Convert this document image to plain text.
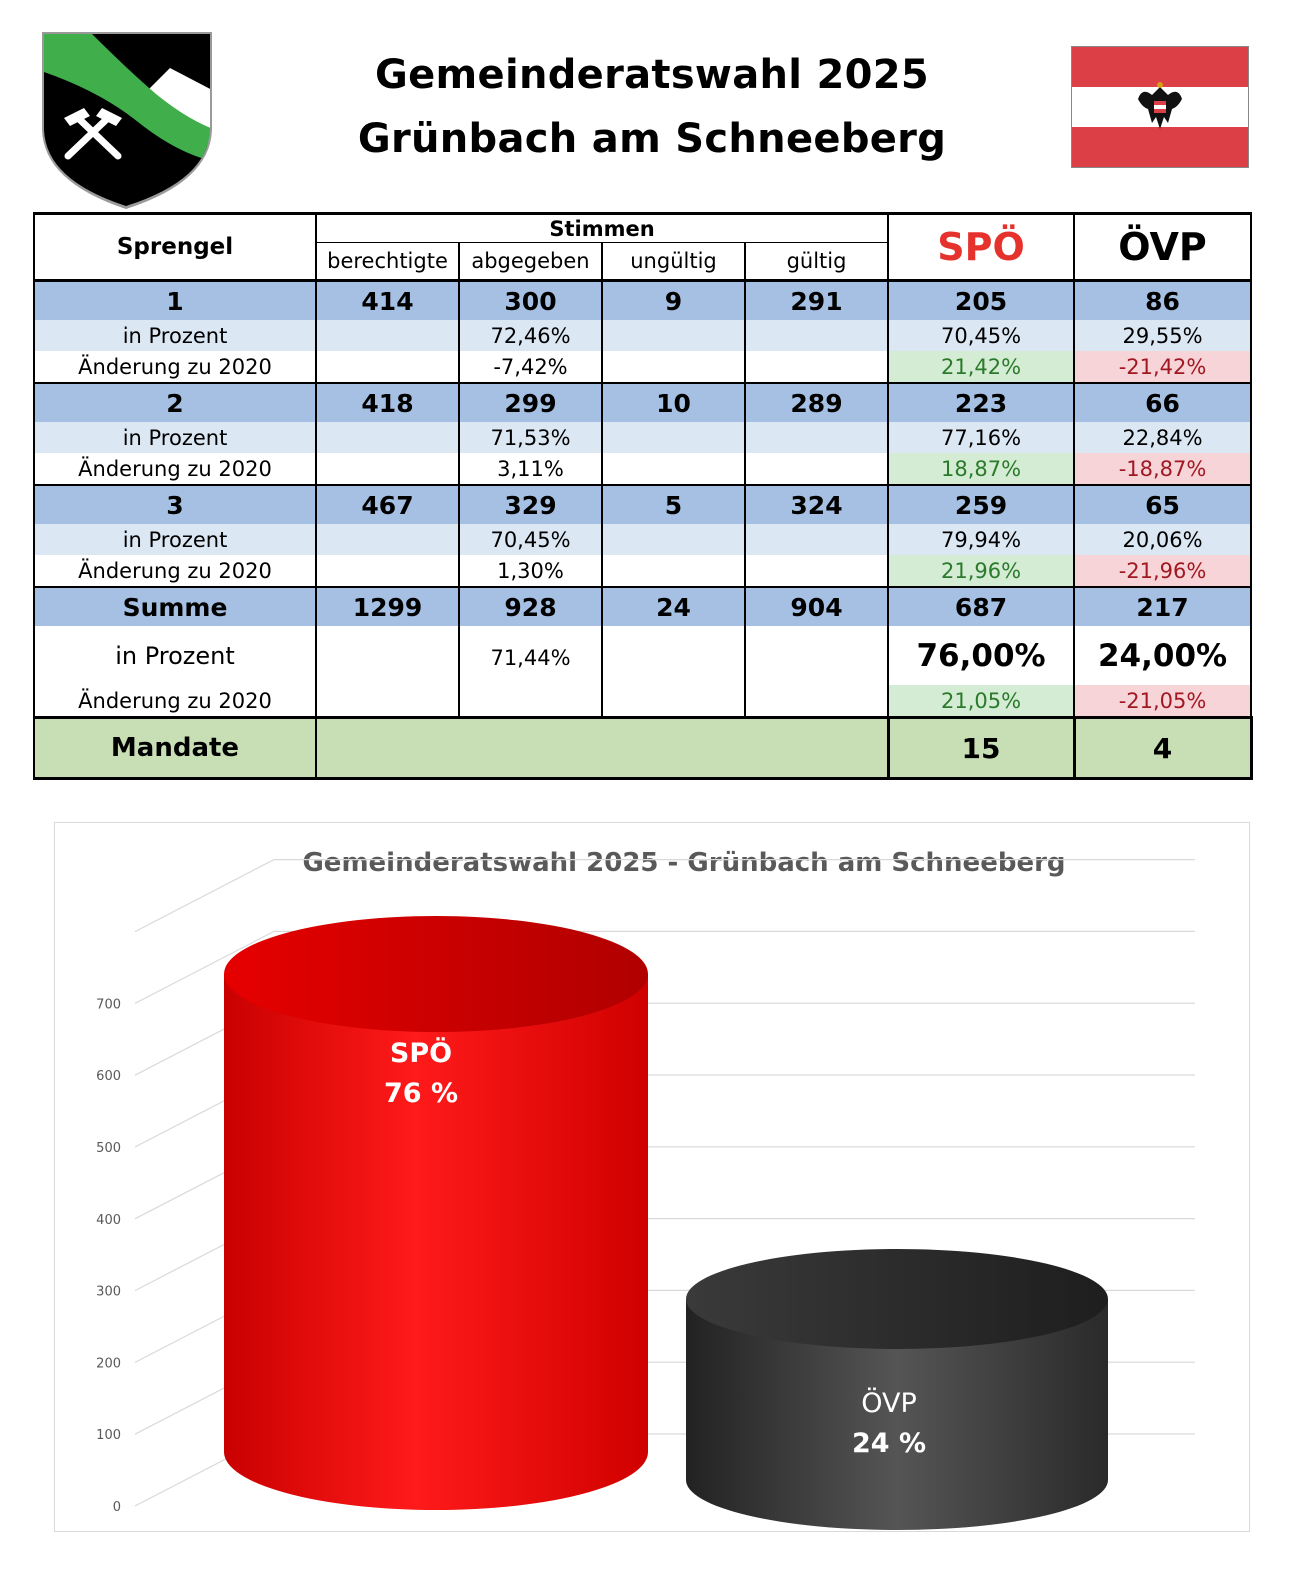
Gemeinderatswahl 2025
Grünbach am Schneeberg
Sprengel	Stimmen				SPÖ	ÖVP
	berechtigte	abgegeben	ungültig	gültig		
1	414	300	9	291	205	86
in Prozent		72,46%			70,45%	29,55%
Änderung zu 2020		-7,42%			21,42%	-21,42%
2	418	299	10	289	223	66
in Prozent		71,53%			77,16%	22,84%
Änderung zu 2020		3,11%			18,87%	-18,87%
3	467	329	5	324	259	65
in Prozent		70,45%			79,94%	20,06%
Änderung zu 2020		1,30%			21,96%	-21,96%
Summe	1299	928	24	904	687	217
in Prozent		71,44%			76,00%	24,00%
Änderung zu 2020					21,05%	-21,05%
Mandate					15	4
Gemeinderatswahl 2025 - Grünbach am Schneeberg
0
100
200
300
400
500
600
700
SPÖ
76 %
ÖVP
24 %
